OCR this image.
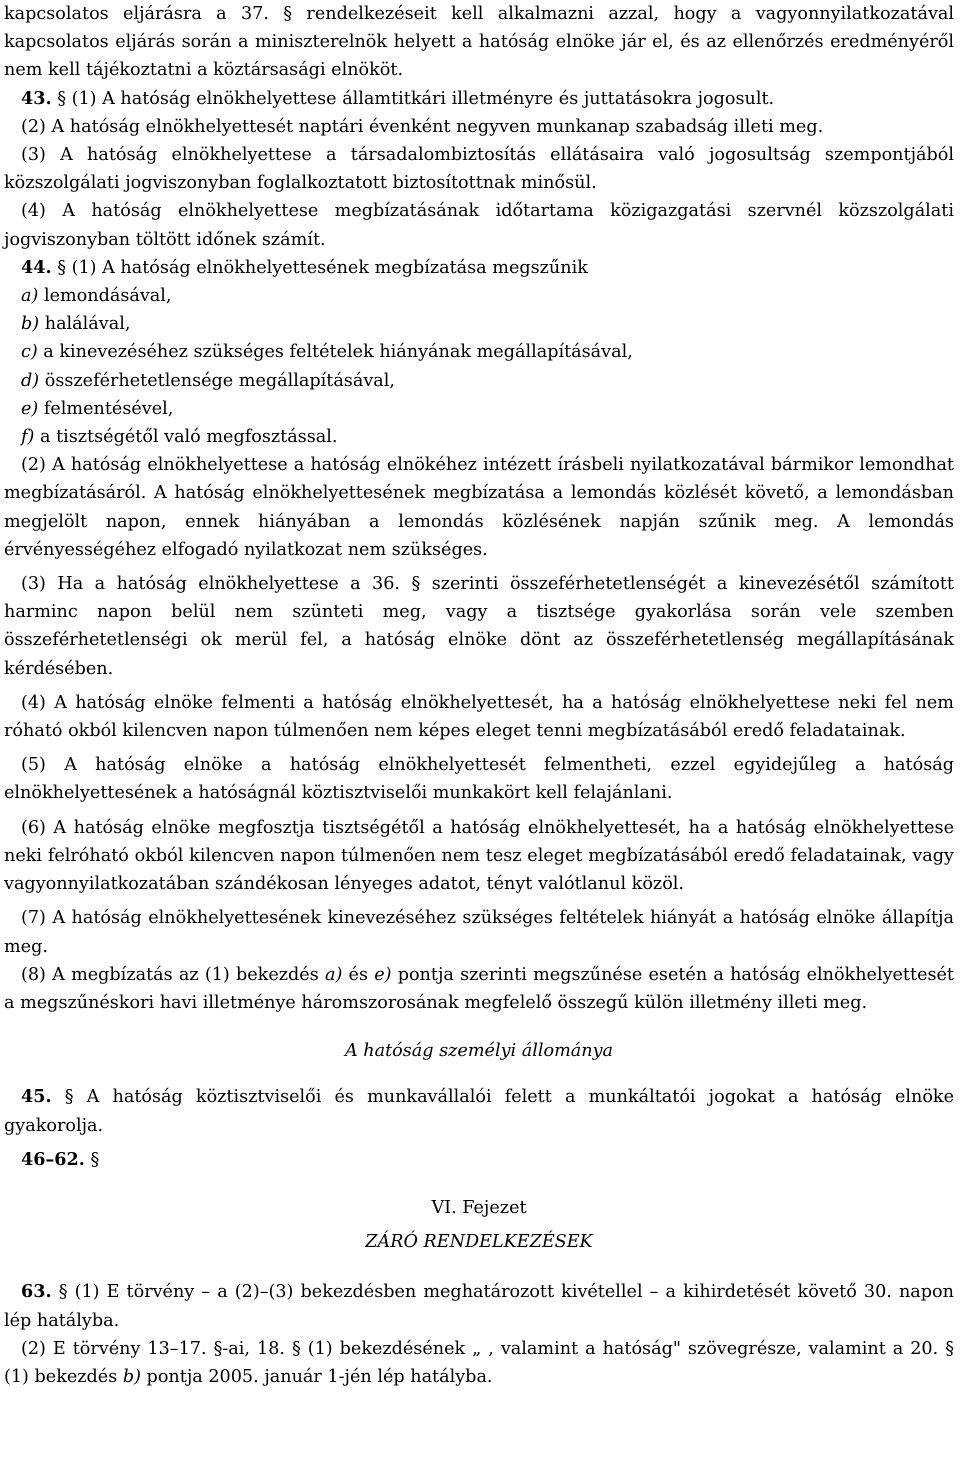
kapcsolatos eljárásra a 37. § rendelkezéseit kell alkalmazni azzal, hogy a vagyonnyilatkozatával kapcsolatos eljárás során a miniszterelnök helyett a hatóság elnöke jár el, és az ellenőrzés eredményéről nem kell tájékoztatni a köztársasági elnököt.

43. § (1) A hatóság elnökhelyettese államtitkári illetményre és juttatásokra jogosult.

(2) A hatóság elnökhelyettesét naptári évenként negyven munkanap szabadság illeti meg.

(3) A hatóság elnökhelyettese a társadalombiztosítás ellátásaira való jogosultság szempontjából közszolgálati jogviszonyban foglalkoztatott biztosítottnak minősül.

(4) A hatóság elnökhelyettese megbízatásának időtartama közigazgatási szervnél közszolgálati jogviszonyban töltött időnek számít.

44. § (1) A hatóság elnökhelyettesének megbízatása megszűnik

a) lemondásával,

b) halálával,

c) a kinevezéséhez szükséges feltételek hiányának megállapításával,

d) összeférhetetlensége megállapításával,

e) felmentésével,

f) a tisztségétől való megfosztással.

(2) A hatóság elnökhelyettese a hatóság elnökéhez intézett írásbeli nyilatkozatával bármikor lemondhat megbízatásáról. A hatóság elnökhelyettesének megbízatása a lemondás közlését követő, a lemondásban megjelölt napon, ennek hiányában a lemondás közlésének napján szűnik meg. A lemondás érvényességéhez elfogadó nyilatkozat nem szükséges.

(3) Ha a hatóság elnökhelyettese a 36. § szerinti összeférhetetlenségét a kinevezésétől számított harminc napon belül nem szünteti meg, vagy a tisztsége gyakorlása során vele szemben összeférhetetlenségi ok merül fel, a hatóság elnöke dönt az összeférhetetlenség megállapításának kérdésében.

(4) A hatóság elnöke felmenti a hatóság elnökhelyettesét, ha a hatóság elnökhelyettese neki fel nem róható okból kilencven napon túlmenően nem képes eleget tenni megbízatásából eredő feladatainak.

(5) A hatóság elnöke a hatóság elnökhelyettesét felmentheti, ezzel egyidejűleg a hatóság elnökhelyettesének a hatóságnál köztisztviselői munkakört kell felajánlani.

(6) A hatóság elnöke megfosztja tisztségétől a hatóság elnökhelyettesét, ha a hatóság elnökhelyettese neki felróható okból kilencven napon túlmenően nem tesz eleget megbízatásából eredő feladatainak, vagy vagyonnyilatkozatában szándékosan lényeges adatot, tényt valótlanul közöl.

(7) A hatóság elnökhelyettesének kinevezéséhez szükséges feltételek hiányát a hatóság elnöke állapítja meg.

(8) A megbízatás az (1) bekezdés a) és e) pontja szerinti megszűnése esetén a hatóság elnökhelyettesét a megszűnéskori havi illetménye háromszorosának megfelelő összegű külön illetmény illeti meg.

A hatóság személyi állománya

45. § A hatóság köztisztviselői és munkavállalói felett a munkáltatói jogokat a hatóság elnöke gyakorolja.

46–62. §

VI. Fejezet

ZÁRÓ RENDELKEZÉSEK

63. § (1) E törvény – a (2)–(3) bekezdésben meghatározott kivétellel – a kihirdetését követő 30. napon lép hatályba.

(2) E törvény 13–17. §-ai, 18. § (1) bekezdésének „ , valamint a hatóság" szövegrésze, valamint a 20. § (1) bekezdés b) pontja 2005. január 1-jén lép hatályba.
